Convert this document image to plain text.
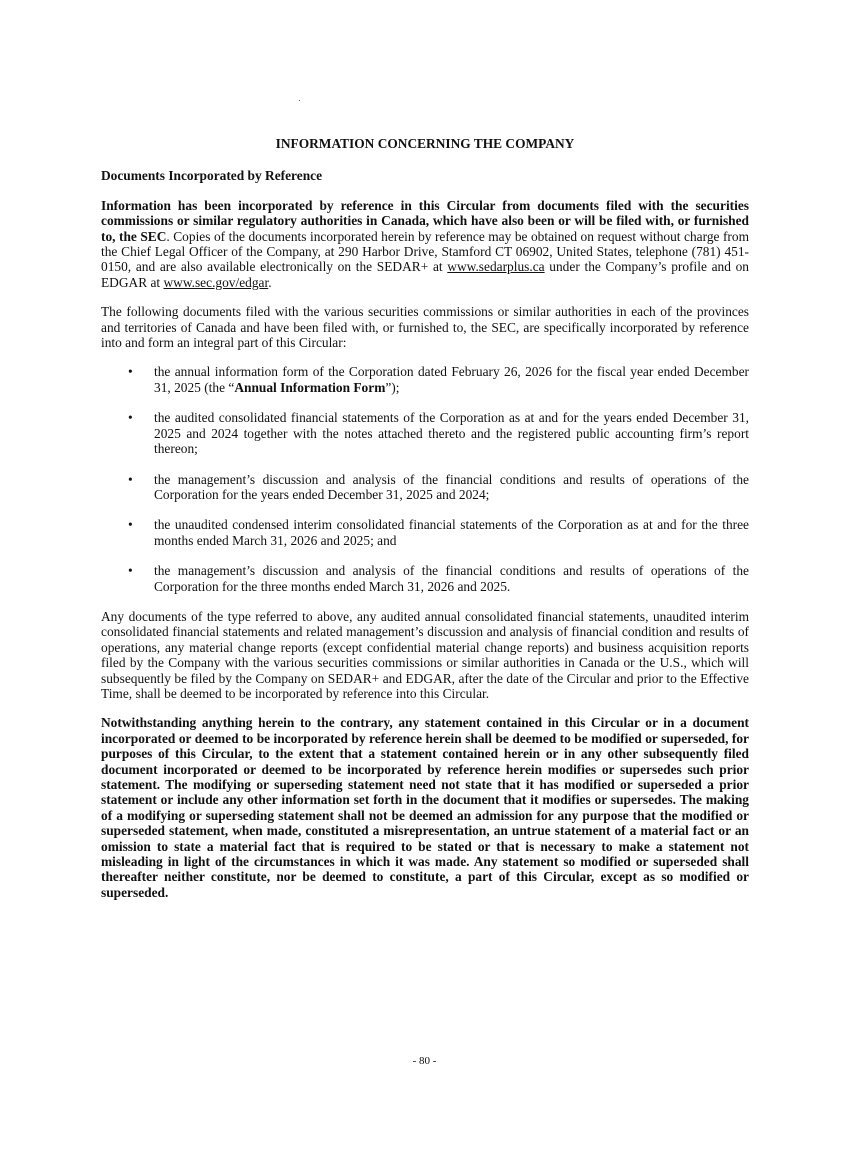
INFORMATION CONCERNING THE COMPANY
Documents Incorporated by Reference

Information has been incorporated by reference in this Circular from documents filed with the securities commissions or similar regulatory authorities in Canada, which have also been or will be filed with, or furnished to, the SEC. Copies of the documents incorporated herein by reference may be obtained on request without charge from the Chief Legal Officer of the Company, at 290 Harbor Drive, Stamford CT 06902, United States, telephone (781) 451-0150, and are also available electronically on the SEDAR+ at www.sedarplus.ca under the Company’s profile and on EDGAR at www.sec.gov/edgar.

The following documents filed with the various securities commissions or similar authorities in each of the provinces and territories of Canada and have been filed with, or furnished to, the SEC, are specifically incorporated by reference into and form an integral part of this Circular:

• the annual information form of the Corporation dated February 26, 2026 for the fiscal year ended December 31, 2025 (the “Annual Information Form”);
• the audited consolidated financial statements of the Corporation as at and for the years ended December 31, 2025 and 2024 together with the notes attached thereto and the registered public accounting firm’s report thereon;
• the management’s discussion and analysis of the financial conditions and results of operations of the Corporation for the years ended December 31, 2025 and 2024;
• the unaudited condensed interim consolidated financial statements of the Corporation as at and for the three months ended March 31, 2026 and 2025; and
• the management’s discussion and analysis of the financial conditions and results of operations of the Corporation for the three months ended March 31, 2026 and 2025.

Any documents of the type referred to above, any audited annual consolidated financial statements, unaudited interim consolidated financial statements and related management’s discussion and analysis of financial condition and results of operations, any material change reports (except confidential material change reports) and business acquisition reports filed by the Company with the various securities commissions or similar authorities in Canada or the U.S., which will subsequently be filed by the Company on SEDAR+ and EDGAR, after the date of the Circular and prior to the Effective Time, shall be deemed to be incorporated by reference into this Circular.

Notwithstanding anything herein to the contrary, any statement contained in this Circular or in a document incorporated or deemed to be incorporated by reference herein shall be deemed to be modified or superseded, for purposes of this Circular, to the extent that a statement contained herein or in any other subsequently filed document incorporated or deemed to be incorporated by reference herein modifies or supersedes such prior statement. The modifying or superseding statement need not state that it has modified or superseded a prior statement or include any other information set forth in the document that it modifies or supersedes. The making of a modifying or superseding statement shall not be deemed an admission for any purpose that the modified or superseded statement, when made, constituted a misrepresentation, an untrue statement of a material fact or an omission to state a material fact that is required to be stated or that is necessary to make a statement not misleading in light of the circumstances in which it was made. Any statement so modified or superseded shall thereafter neither constitute, nor be deemed to constitute, a part of this Circular, except as so modified or superseded.

- 80 -
